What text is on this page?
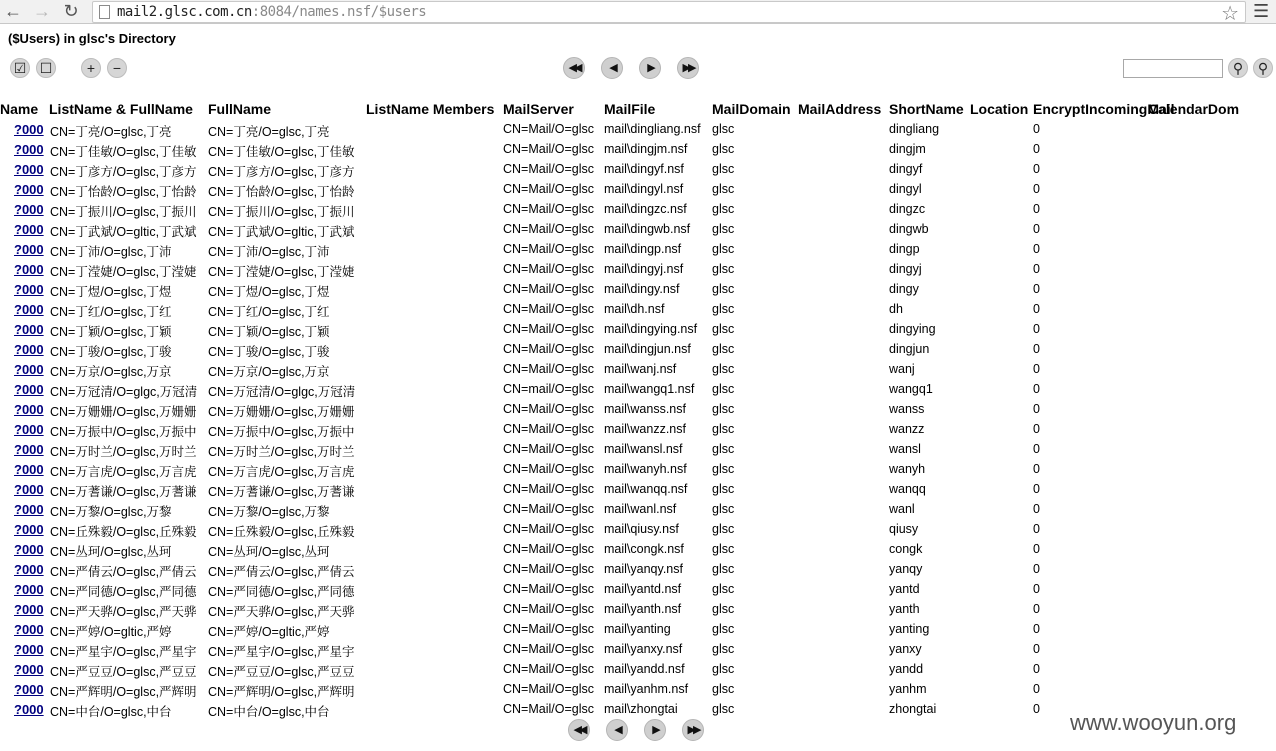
← → ↻	mail2.glsc.com.cn:8084/names.nsf/$users	☆ ☰
($Users) in glsc's Directory
☑ ☐	+	−	◀◀	◀	▶	▶▶	⚲	⚲
Name ListName & FullName FullName	ListName Members MailServer MailFile	MailDomain MailAddress ShortName Location EncryptIncomingMail
CalendarDom
?000 CN=丁亮/O=glsc,丁亮	CN=丁亮/O=glsc,丁亮	CN=Mail/O=glsc mail\dingliang.nsf glsc	dingliang	0
?000 CN=丁佳敏/O=glsc,丁佳敏 CN=丁佳敏/O=glsc,丁佳敏	CN=Mail/O=glsc mail\dingjm.nsf	glsc	dingjm	0
?000 CN=丁彦方/O=glsc,丁彦方 CN=丁彦方/O=glsc,丁彦方	CN=Mail/O=glsc mail\dingyf.nsf	glsc	dingyf	0
?000 CN=丁怡龄/O=glsc,丁怡龄 CN=丁怡龄/O=glsc,丁怡龄	CN=Mail/O=glsc mail\dingyl.nsf	glsc	dingyl	0
?000 CN=丁振川/O=glsc,丁振川 CN=丁振川/O=glsc,丁振川	CN=Mail/O=glsc mail\dingzc.nsf	glsc	dingzc	0
?000 CN=丁武斌/O=gltic,丁武斌 CN=丁武斌/O=gltic,丁武斌	CN=Mail/O=glsc mail\dingwb.nsf	glsc	dingwb	0
?000 CN=丁沛/O=glsc,丁沛	CN=丁沛/O=glsc,丁沛	CN=Mail/O=glsc mail\dingp.nsf	glsc	dingp	0
?000 CN=丁滢婕/O=glsc,丁滢婕 CN=丁滢婕/O=glsc,丁滢婕	CN=Mail/O=glsc mail\dingyj.nsf	glsc	dingyj	0
?000 CN=丁煜/O=glsc,丁煜	CN=丁煜/O=glsc,丁煜	CN=Mail/O=glsc mail\dingy.nsf	glsc	dingy	0
?000 CN=丁红/O=glsc,丁红	CN=丁红/O=glsc,丁红	CN=Mail/O=glsc mail\dh.nsf	glsc	dh	0
?000 CN=丁颖/O=glsc,丁颖	CN=丁颖/O=glsc,丁颖	CN=Mail/O=glsc mail\dingying.nsf	glsc	dingying	0
?000 CN=丁骏/O=glsc,丁骏	CN=丁骏/O=glsc,丁骏	CN=Mail/O=glsc mail\dingjun.nsf	glsc	dingjun	0
?000 CN=万京/O=glsc,万京	CN=万京/O=glsc,万京	CN=Mail/O=glsc mail\wanj.nsf	glsc	wanj	0
?000 CN=万冠清/O=glgc,万冠清 CN=万冠清/O=glgc,万冠清	CN=mail/O=glsc mail\wangq1.nsf	glsc	wangq1	0
?000 CN=万姗姗/O=glsc,万姗姗 CN=万姗姗/O=glsc,万姗姗	CN=Mail/O=glsc mail\wanss.nsf	glsc	wanss	0
?000 CN=万振中/O=glsc,万振中 CN=万振中/O=glsc,万振中	CN=Mail/O=glsc mail\wanzz.nsf	glsc	wanzz	0
?000 CN=万时兰/O=glsc,万时兰 CN=万时兰/O=glsc,万时兰	CN=Mail/O=glsc mail\wansl.nsf	glsc	wansl	0
?000 CN=万言虎/O=glsc,万言虎 CN=万言虎/O=glsc,万言虎	CN=Mail/O=glsc mail\wanyh.nsf	glsc	wanyh	0
?000 CN=万蓍谦/O=glsc,万蓍谦 CN=万蓍谦/O=glsc,万蓍谦	CN=Mail/O=glsc mail\wanqq.nsf	glsc	wanqq	0
?000 CN=万黎/O=glsc,万黎	CN=万黎/O=glsc,万黎	CN=Mail/O=glsc mail\wanl.nsf	glsc	wanl	0
?000 CN=丘殊毅/O=glsc,丘殊毅 CN=丘殊毅/O=glsc,丘殊毅	CN=Mail/O=glsc mail\qiusy.nsf	glsc	qiusy	0
?000 CN=丛珂/O=glsc,丛珂	CN=丛珂/O=glsc,丛珂	CN=Mail/O=glsc mail\congk.nsf	glsc	congk	0
?000 CN=严倩云/O=glsc,严倩云 CN=严倩云/O=glsc,严倩云	CN=Mail/O=glsc mail\yanqy.nsf	glsc	yanqy	0
?000 CN=严同德/O=glsc,严同德 CN=严同德/O=glsc,严同德	CN=Mail/O=glsc mail\yantd.nsf	glsc	yantd	0
?000 CN=严天骅/O=glsc,严天骅 CN=严天骅/O=glsc,严天骅	CN=Mail/O=glsc mail\yanth.nsf	glsc	yanth	0
?000 CN=严婷/O=gltic,严婷	CN=严婷/O=gltic,严婷	CN=Mail/O=glsc mail\yanting	glsc	yanting	0
?000 CN=严星宇/O=glsc,严星宇 CN=严星宇/O=glsc,严星宇	CN=Mail/O=glsc mail\yanxy.nsf	glsc	yanxy	0
?000 CN=严豆豆/O=glsc,严豆豆 CN=严豆豆/O=glsc,严豆豆	CN=Mail/O=glsc mail\yandd.nsf	glsc	yandd	0
?000 CN=严辉明/O=glsc,严辉明 CN=严辉明/O=glsc,严辉明	CN=Mail/O=glsc mail\yanhm.nsf	glsc	yanhm	0
?000 CN=中台/O=glsc,中台	CN=中台/O=glsc,中台	CN=Mail/O=glsc mail\zhongtai	glsc	zhongtai	0
◀◀	◀	▶	▶▶	www.wooyun.org
